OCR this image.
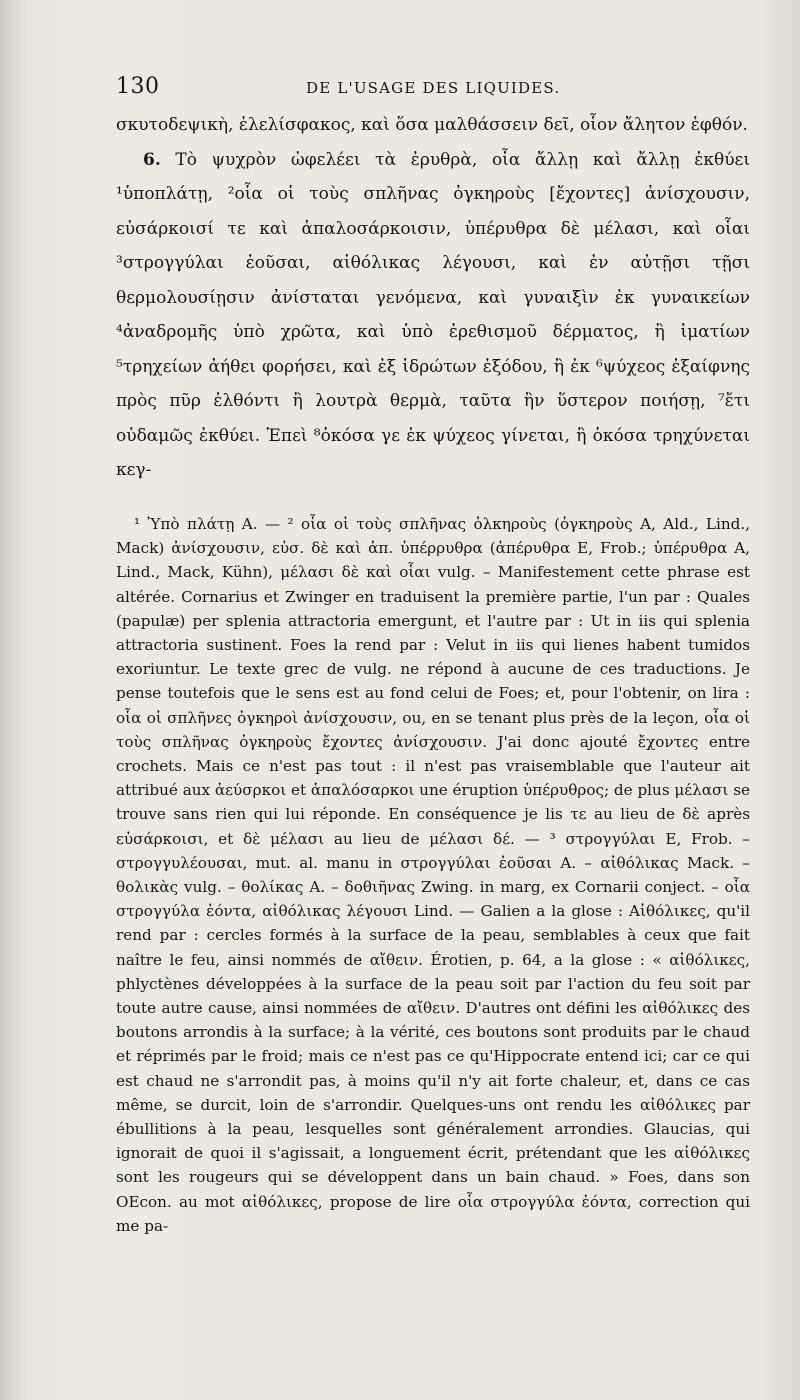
130	DE L'USAGE DES LIQUIDES.

σκυτοδεψικὴ, ἐλελίσφακος, καὶ ὅσα μαλθάσσειν δεῖ, οἷον ἄλητον ἑφθόν.

6. Τὸ ψυχρὸν ὠφελέει τὰ ἐρυθρὰ, οἷα ἄλλῃ καὶ ἄλλῃ ἐκθύει ¹ὑποπλάτῃ, ²οἷα οἱ τοὺς σπλῆνας ὀγκηροὺς [ἔχοντες] ἀνίσχουσιν, εὐσάρκοισί τε καὶ ἁπαλοσάρκοισιν, ὑπέρυθρα δὲ μέλασι, καὶ οἷαι ³στρογγύλαι ἐοῦσαι, αἰθόλικας λέγουσι, καὶ ἐν αὐτῇσι τῇσι θερμολουσίῃσιν ἀνίσταται γενόμενα, καὶ γυναιξὶν ἐκ γυναικείων ⁴ἀναδρομῆς ὑπὸ χρῶτα, καὶ ὑπὸ ἐρεθισμοῦ δέρματος, ἢ ἱματίων ⁵τρηχείων ἀήθει φορήσει, καὶ ἐξ ἱδρώτων ἐξόδου, ἢ ἐκ ⁶ψύχεος ἐξαίφνης πρὸς πῦρ ἐλθόντι ἢ λουτρὰ θερμὰ, ταῦτα ἢν ὕστερον ποιήσῃ, ⁷ἔτι οὐδαμῶς ἐκθύει. Ἐπεὶ ⁸ὁκόσα γε ἐκ ψύχεος γίνεται, ἢ ὁκόσα τρηχύνεται κεγ-

¹ Ὑπὸ πλάτῃ A. — ² οἷα οἱ τοὺς σπλῆνας ὀλκηροὺς (ὀγκηροὺς A, Ald., Lind., Mack) ἀνίσχουσιν, εὐσ. δὲ καὶ ἁπ. ὑπέρρυθρα (ἀπέρυθρα E, Frob.; ὑπέρυθρα A, Lind., Mack, Kühn), μέλασι δὲ καὶ οἷαι vulg. – Manifestement cette phrase est altérée. Cornarius et Zwinger en traduisent la première partie, l'un par : Quales (papulæ) per splenia attractoria emergunt, et l'autre par : Ut in iis qui splenia attractoria sustinent. Foes la rend par : Velut in iis qui lienes habent tumidos exoriuntur. Le texte grec de vulg. ne répond à aucune de ces traductions. Je pense toutefois que le sens est au fond celui de Foes; et, pour l'obtenir, on lira : οἷα οἱ σπλῆνες ὀγκηροὶ ἀνίσχουσιν, ou, en se tenant plus près de la leçon, οἷα οἱ τοὺς σπλῆνας ὀγκηροὺς ἔχοντες ἀνίσχουσιν. J'ai donc ajouté ἔχοντες entre crochets. Mais ce n'est pas tout : il n'est pas vraisemblable que l'auteur ait attribué aux ἀεύσρκοι et ἁπαλόσαρκοι une éruption ὑπέρυθρος; de plus μέλασι se trouve sans rien qui lui réponde. En conséquence je lis τε au lieu de δὲ après εὐσάρκοισι, et δὲ μέλασι au lieu de μέλασι δέ. — ³ στρογγύλαι E, Frob. – στρογγυλέουσαι, mut. al. manu in στρογγύλαι ἐοῦσαι A. – αἰθόλικας Mack. – θολικὰς vulg. – θολίκας A. – δοθιῆνας Zwing. in marg, ex Cornarii conject. – οἷα στρογγύλα ἐόντα, αἰθόλικας λέγουσι Lind. — Galien a la glose : Αἰθόλικες, qu'il rend par : cercles formés à la surface de la peau, semblables à ceux que fait naître le feu, ainsi nommés de αἴθειν. Érotien, p. 64, a la glose : « αἰθόλικες, phlyctènes développées à la surface de la peau soit par l'action du feu soit par toute autre cause, ainsi nommées de αἴθειν. D'autres ont défini les αἰθόλικες des boutons arrondis à la surface; à la vérité, ces boutons sont produits par le chaud et réprimés par le froid; mais ce n'est pas ce qu'Hippocrate entend ici; car ce qui est chaud ne s'arrondit pas, à moins qu'il n'y ait forte chaleur, et, dans ce cas même, se durcit, loin de s'arrondir. Quelques-uns ont rendu les αἰθόλικες par ébullitions à la peau, lesquelles sont généralement arrondies. Glaucias, qui ignorait de quoi il s'agissait, a longuement écrit, prétendant que les αἰθόλικες sont les rougeurs qui se développent dans un bain chaud. » Foes, dans son OEcon. au mot αἰθόλικες, propose de lire οἷα στρογγύλα ἐόντα, correction qui me pa-
